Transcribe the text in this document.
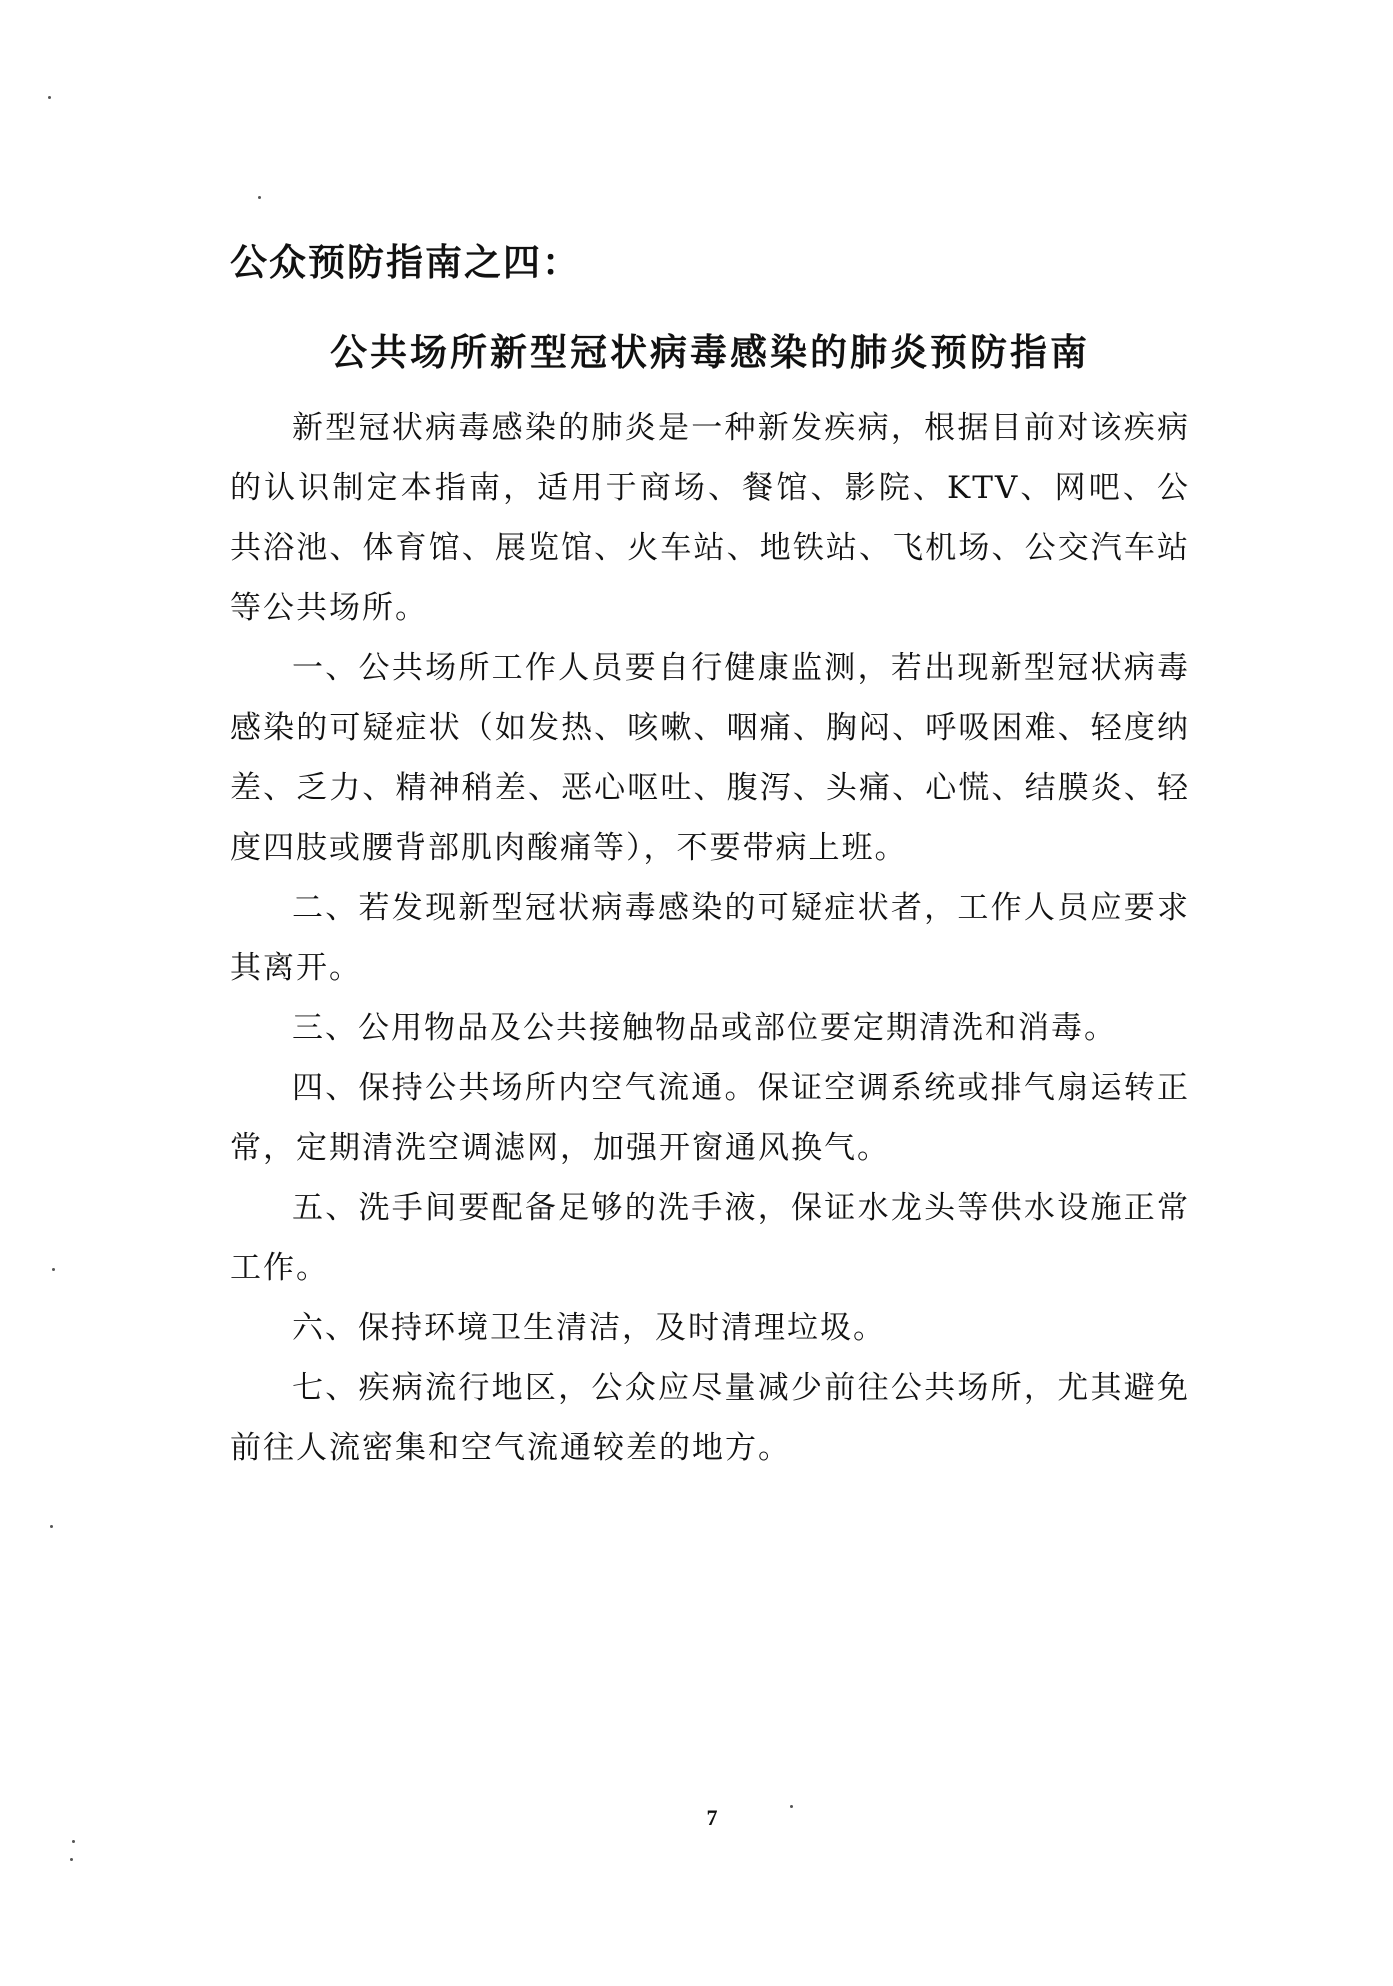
公众预防指南之四：
公共场所新型冠状病毒感染的肺炎预防指南

新型冠状病毒感染的肺炎是一种新发疾病，根据目前对该疾病的认识制定本指南，适用于商场、餐馆、影院、KTV、网吧、公共浴池、体育馆、展览馆、火车站、地铁站、飞机场、公交汽车站等公共场所。

一、公共场所工作人员要自行健康监测，若出现新型冠状病毒感染的可疑症状（如发热、咳嗽、咽痛、胸闷、呼吸困难、轻度纳差、乏力、精神稍差、恶心呕吐、腹泻、头痛、心慌、结膜炎、轻度四肢或腰背部肌肉酸痛等），不要带病上班。

二、若发现新型冠状病毒感染的可疑症状者，工作人员应要求其离开。

三、公用物品及公共接触物品或部位要定期清洗和消毒。

四、保持公共场所内空气流通。保证空调系统或排气扇运转正常，定期清洗空调滤网，加强开窗通风换气。

五、洗手间要配备足够的洗手液，保证水龙头等供水设施正常工作。

六、保持环境卫生清洁，及时清理垃圾。

七、疾病流行地区，公众应尽量减少前往公共场所，尤其避免前往人流密集和空气流通较差的地方。

7
